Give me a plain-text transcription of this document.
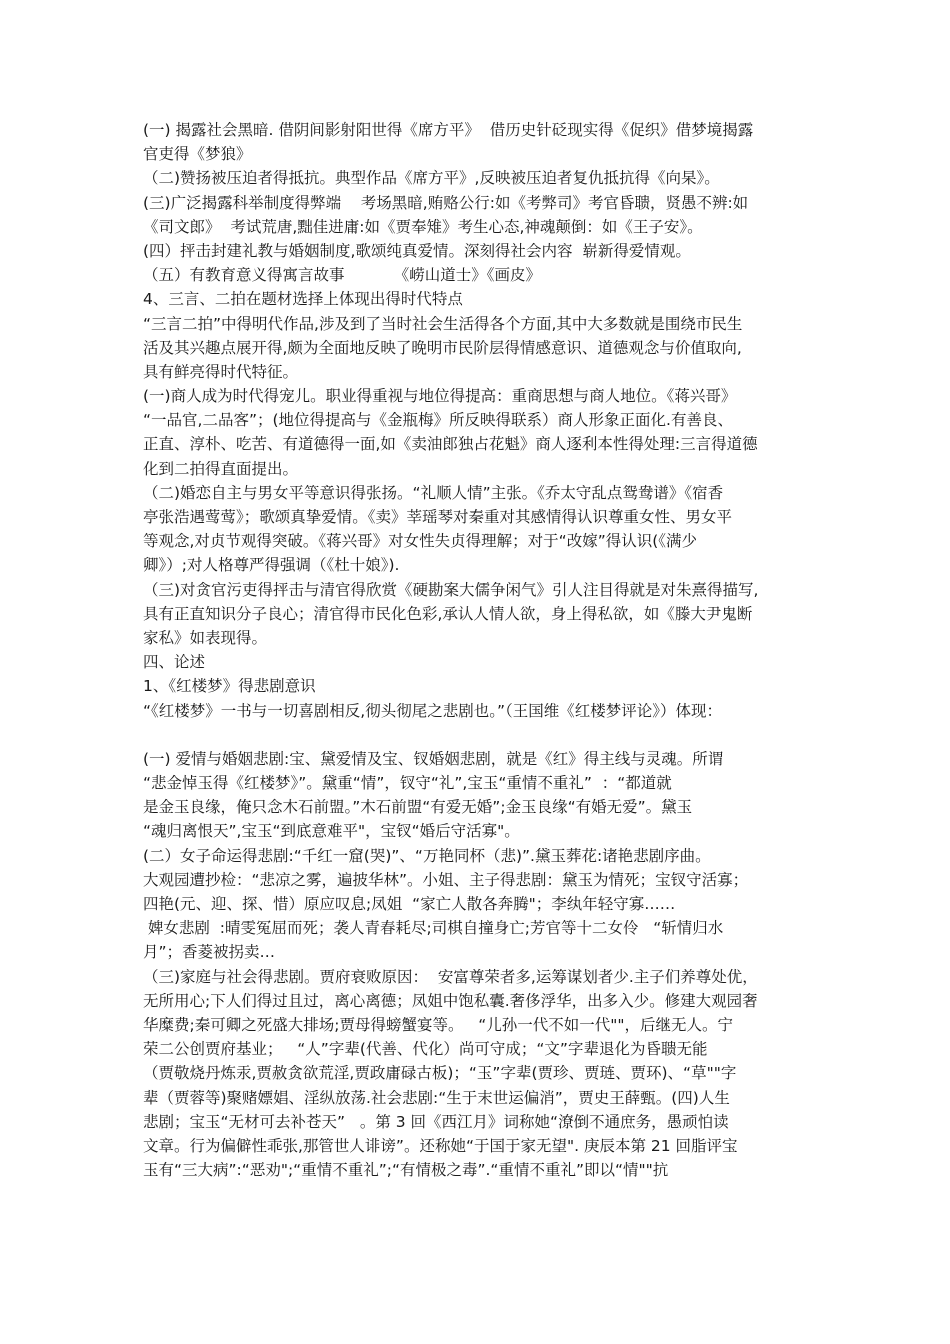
(一) 揭露社会黑暗. 借阴间影射阳世得《席方平》  借历史针砭现实得《促织》借梦境揭露
官吏得《梦狼》
（二)赞扬被压迫者得抵抗。典型作品《席方平》,反映被压迫者复仇抵抗得《向杲》。
(三)广泛揭露科举制度得弊端    考场黑暗,贿赂公行:如《考弊司》考官昏聩，贤愚不辨:如
《司文郎》  考试荒唐,黜佳进庸:如《贾奉雉》考生心态,神魂颠倒：如《王子安》。
(四）抨击封建礼教与婚姻制度,歌颂纯真爱情。深刻得社会内容  崭新得爱情观。
（五）有教育意义得寓言故事          《崂山道士》《画皮》
4、三言、二拍在题材选择上体现出得时代特点
“三言二拍”中得明代作品,涉及到了当时社会生活得各个方面,其中大多数就是围绕市民生
活及其兴趣点展开得,颇为全面地反映了晚明市民阶层得情感意识、道德观念与价值取向,
具有鲜亮得时代特征。
(一)商人成为时代得宠儿。职业得重视与地位得提高：重商思想与商人地位。《蒋兴哥》
“一品官,二品客”；(地位得提高与《金瓶梅》所反映得联系）商人形象正面化.有善良、
正直、淳朴、吃苦、有道德得一面,如《卖油郎独占花魁》商人逐利本性得处理:三言得道德
化到二拍得直面提出。
（二)婚恋自主与男女平等意识得张扬。“礼顺人情”主张。《乔太守乱点鸳鸯谱》《宿香
亭张浩遇莺莺》；歌颂真挚爱情。《卖》莘瑶琴对秦重对其感情得认识尊重女性、男女平
等观念,对贞节观得突破。《蒋兴哥》对女性失贞得理解；对于“改嫁”得认识(《满少
卿》）;对人格尊严得强调（《杜十娘》).
（三)对贪官污吏得抨击与清官得欣赏《硬勘案大儒争闲气》引人注目得就是对朱熹得描写,
具有正直知识分子良心；清官得市民化色彩,承认人情人欲，身上得私欲，如《滕大尹鬼断
家私》如表现得。
四、论述
1、《红楼梦》得悲剧意识
“《红楼梦》一书与一切喜剧相反,彻头彻尾之悲剧也。”（王国维《红楼梦评论》）体现：
(一) 爱情与婚姻悲剧:宝、黛爱情及宝、钗婚姻悲剧，就是《红》得主线与灵魂。所谓
“悲金悼玉得《红楼梦》”。黛重“情”，钗守“礼”,宝玉“重情不重礼”  ：“都道就
是金玉良缘，俺只念木石前盟。”木石前盟“有爱无婚”;金玉良缘“有婚无爱”。黛玉
“魂归离恨天”,宝玉“到底意难平"，宝钗“婚后守活寡"。
(二）女子命运得悲剧:“千红一窟(哭)”、“万艳同杯（悲)”.黛玉葬花:诸艳悲剧序曲。
大观园遭抄检：“悲凉之雾，遍披华林”。小姐、主子得悲剧：黛玉为情死；宝钗守活寡；
四艳(元、迎、探、惜）原应叹息;凤姐  “家亡人散各奔腾"；李纨年轻守寡……
婢女悲剧  :晴雯冤屈而死；袭人青春耗尽;司棋自撞身亡;芳官等十二女伶   “斩情归水
月”；香菱被拐卖…
（三)家庭与社会得悲剧。贾府衰败原因：  安富尊荣者多,运筹谋划者少.主子们养尊处优，
无所用心;下人们得过且过，离心离德；凤姐中饱私囊.奢侈浮华，出多入少。修建大观园奢
华糜费;秦可卿之死盛大排场;贾母得螃蟹宴等。   “儿孙一代不如一代""，后继无人。宁
荣二公创贾府基业；   “人”字辈(代善、代化）尚可守成；“文”字辈退化为昏聩无能
（贾敬烧丹炼汞,贾赦贪欲荒淫,贾政庸碌古板)；“玉”字辈(贾珍、贾琏、贾环)、“草""字
辈（贾蓉等)聚赌嫖娼、淫纵放荡.社会悲剧:“生于末世运偏消”，贾史王薛甄。(四)人生
悲剧；宝玉“无材可去补苍天”   。第 3 回《西江月》词称她“潦倒不通庶务，愚顽怕读
文章。行为偏僻性乖张,那管世人诽谤”。还称她“于国于家无望". 庚辰本第 21 回脂评宝
玉有“三大病”:“恶劝";“重情不重礼”;“有情极之毒”.“重情不重礼”即以“情""抗
